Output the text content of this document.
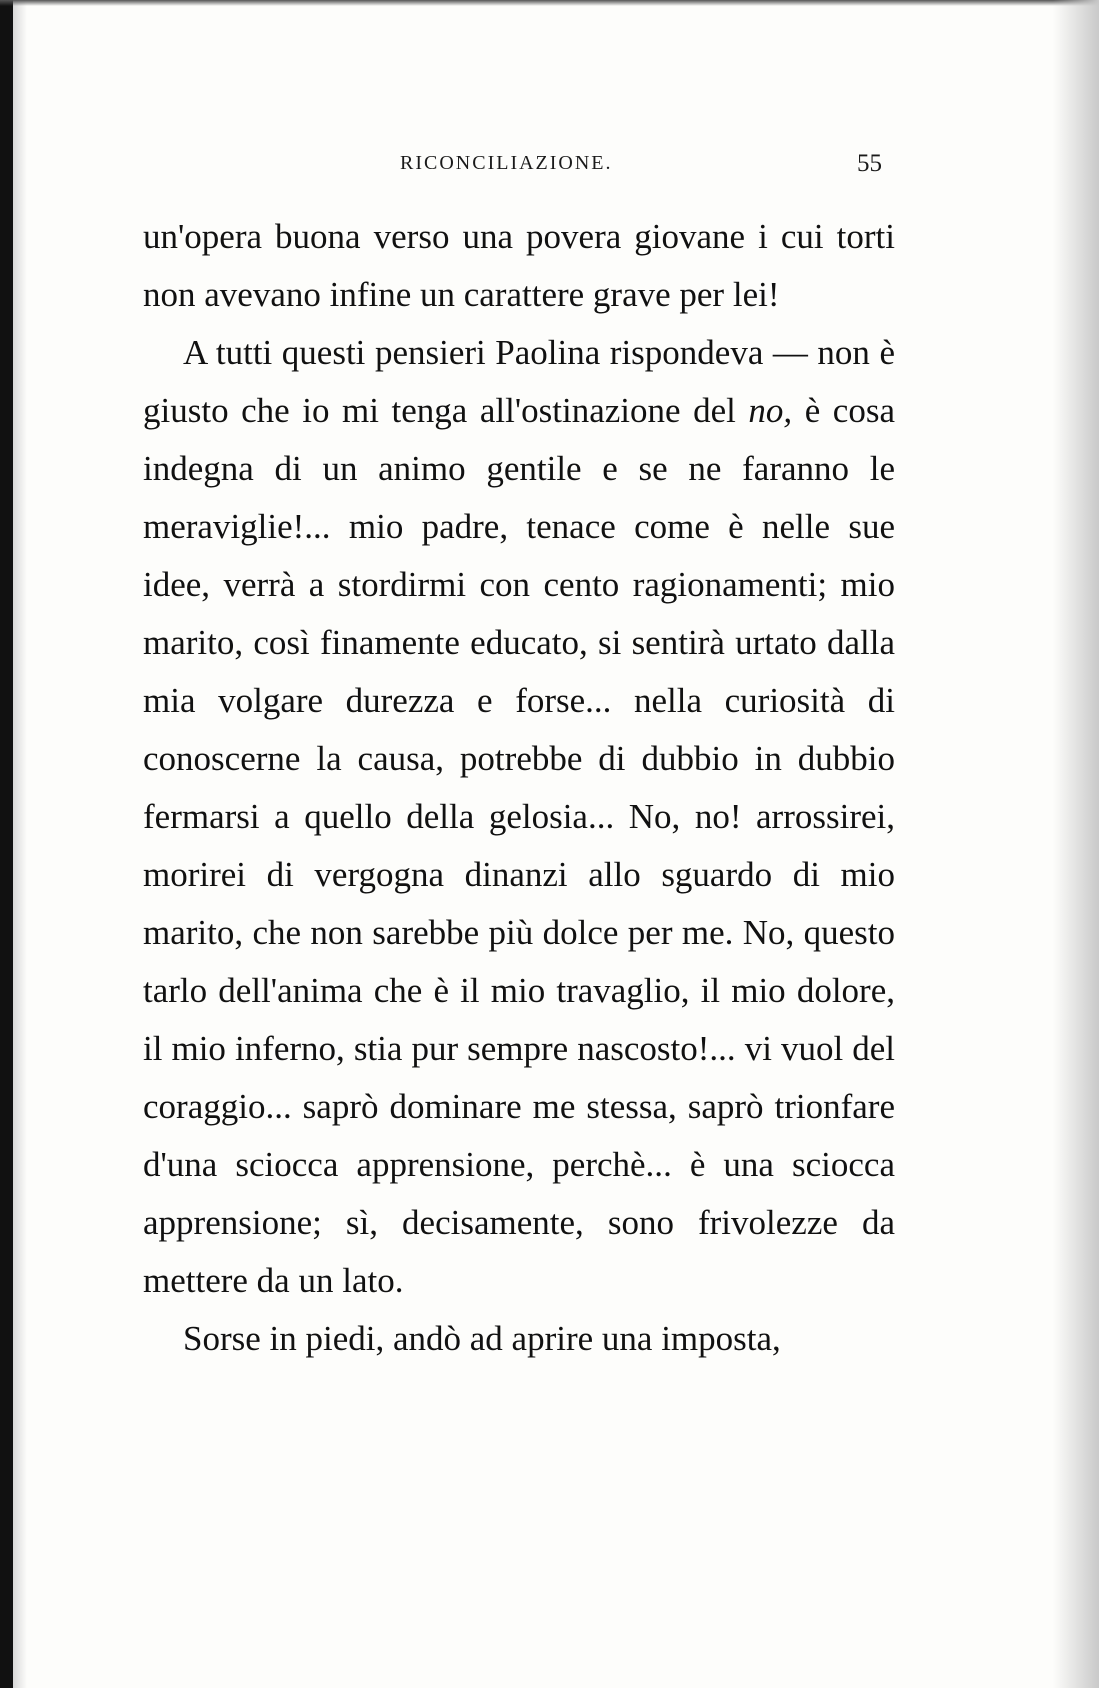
RICONCILIAZIONE.	55

un'opera buona verso una povera giovane i cui torti non avevano infine un carattere grave per lei!

A tutti questi pensieri Paolina rispondeva — non è giusto che io mi tenga all'ostinazione del no, è cosa indegna di un animo gentile e se ne faranno le meraviglie!... mio padre, tenace come è nelle sue idee, verrà a stordirmi con cento ragionamenti; mio marito, così finamente educato, si sentirà urtato dalla mia volgare durezza e forse... nella curiosità di conoscerne la causa, potrebbe di dubbio in dubbio fermarsi a quello della gelosia... No, no! arrossirei, morirei di vergogna dinanzi allo sguardo di mio marito, che non sarebbe più dolce per me. No, questo tarlo dell'anima che è il mio travaglio, il mio dolore, il mio inferno, stia pur sempre nascosto!... vi vuol del coraggio... saprò dominare me stessa, saprò trionfare d'una sciocca apprensione, perchè... è una sciocca apprensione; sì, decisamente, sono frivolezze da mettere da un lato.

Sorse in piedi, andò ad aprire una imposta,
